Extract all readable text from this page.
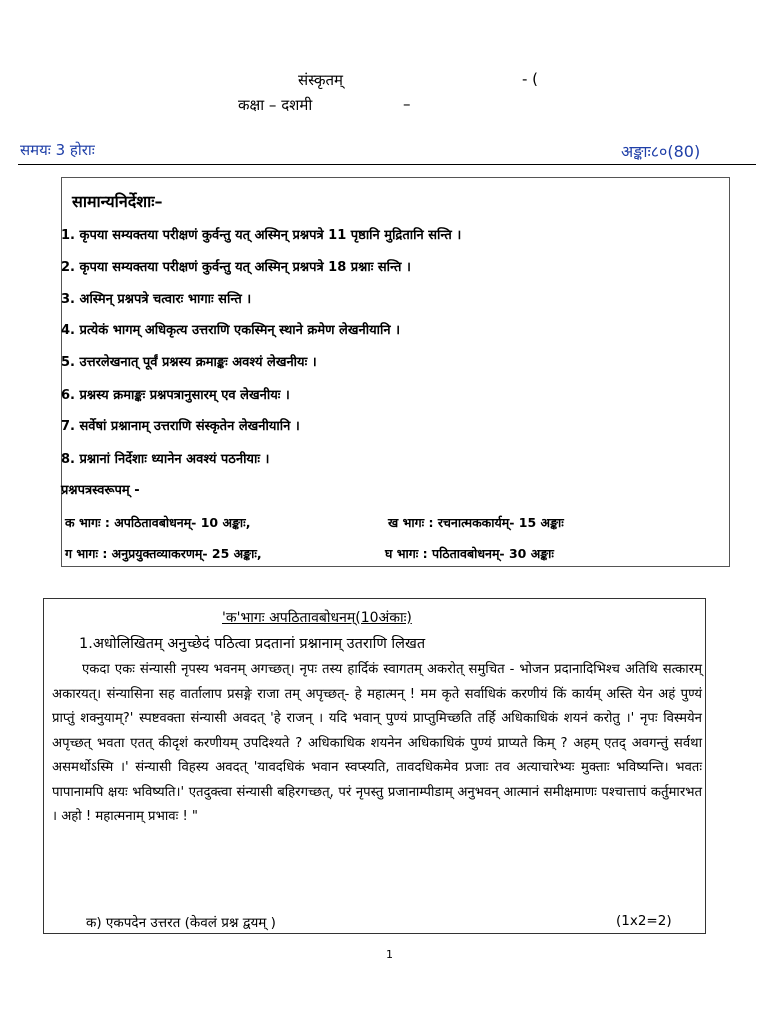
संस्कृतम्	- (
कक्षा – दशमी	–
समयः 3 होराः	अङ्काः८०(80)
सामान्यनिर्देशाः–
1. कृपया सम्यक्तया परीक्षणं कुर्वन्तु यत् अस्मिन् प्रश्नपत्रे 11 पृष्ठानि मुद्रितानि सन्ति ।
2. कृपया सम्यक्तया परीक्षणं कुर्वन्तु यत् अस्मिन् प्रश्नपत्रे 18 प्रश्नाः सन्ति ।
3. अस्मिन् प्रश्नपत्रे चत्वारः भागाः सन्ति ।
4. प्रत्येकं भागम् अधिकृत्य उत्तराणि एकस्मिन् स्थाने क्रमेण लेखनीयानि ।
5. उत्तरलेखनात् पूर्वं प्रश्नस्य क्रमाङ्कः अवश्यं लेखनीयः ।
6. प्रश्नस्य क्रमाङ्कः प्रश्नपत्रानुसारम् एव लेखनीयः ।
7. सर्वेषां प्रश्नानाम् उत्तराणि संस्कृतेन लेखनीयानि ।
8. प्रश्नानां निर्देशाः ध्यानेन अवश्यं पठनीयाः ।
प्रश्नपत्रस्वरूपम् -
क भागः : अपठितावबोधनम्- 10 अङ्काः,	ख भागः : रचनात्मककार्यम्- 15 अङ्काः
ग भागः : अनुप्रयुक्तव्याकरणम्- 25 अङ्काः,	घ भागः : पठितावबोधनम्- 30 अङ्काः
'क'भागः अपठितावबोधनम्(10अंकाः)
1.अधोलिखितम् अनुच्छेदं पठित्वा प्रदतानां प्रश्नानाम् उतराणि लिखत
एकदा एकः संन्यासी नृपस्य भवनम् अगच्छत्। नृपः तस्य हार्दिकं स्वागतम् अकरोत् समुचित - भोजन प्रदानादिभिश्च अतिथि सत्कारम् अकारयत्। संन्यासिना सह वार्तालाप प्रसङ्गे राजा तम् अपृच्छत्- हे महात्मन् ! मम कृते सर्वाधिकं करणीयं किं कार्यम् अस्ति येन अहं पुण्यं प्राप्तुं शक्नुयाम्?' स्पष्टवक्ता संन्यासी अवदत् 'हे राजन् । यदि भवान् पुण्यं प्राप्तुमिच्छति तर्हि अधिकाधिकं शयनं करोतु ।' नृपः विस्मयेन अपृच्छत् भवता एतत् कीदृशं करणीयम् उपदिश्यते ? अधिकाधिक शयनेन अधिकाधिकं पुण्यं प्राप्यते किम् ? अहम् एतद् अवगन्तुं सर्वथा असमर्थोऽस्मि ।' संन्यासी विहस्य अवदत् 'यावदधिकं भवान स्वप्स्यति, तावदधिकमेव प्रजाः तव अत्याचारेभ्यः मुक्ताः भविष्यन्ति। भवतः पापानामपि क्षयः भविष्यति।' एतदुक्त्वा संन्यासी बहिरगच्छत्, परं नृपस्तु प्रजानाम्पीडाम् अनुभवन् आत्मानं समीक्षमाणः पश्चात्तापं कर्तुमारभत । अहो ! महात्मनाम् प्रभावः ! "
क) एकपदेन उत्तरत (केवलं प्रश्न द्वयम् )	(1x2=2)
1
